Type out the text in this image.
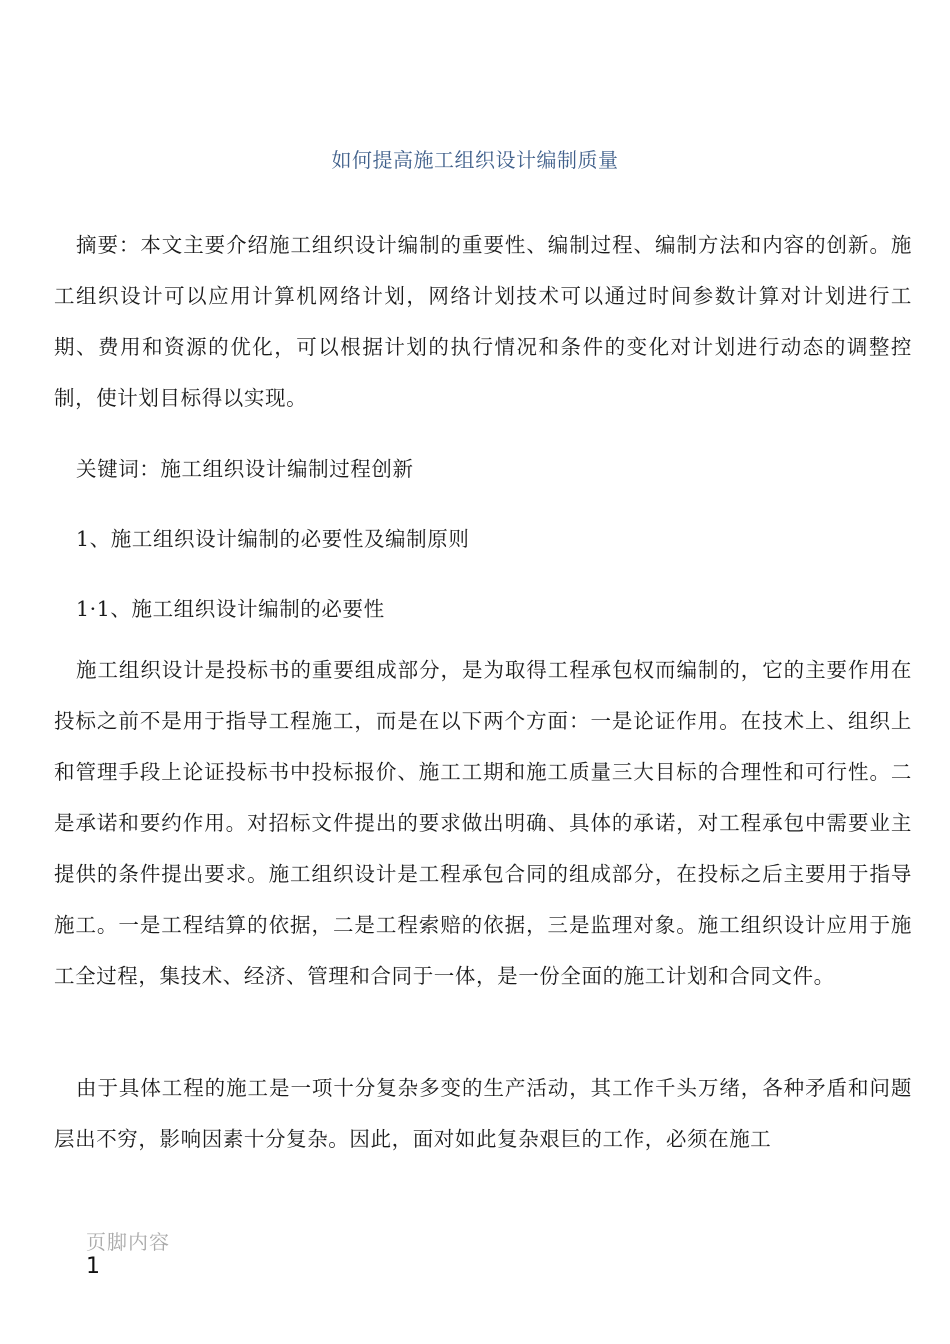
如何提高施工组织设计编制质量
摘要：本文主要介绍施工组织设计编制的重要性、编制过程、编制方法和内容的创新。施工组织设计可以应用计算机网络计划，网络计划技术可以通过时间参数计算对计划进行工期、费用和资源的优化，可以根据计划的执行情况和条件的变化对计划进行动态的调整控制，使计划目标得以实现。
关键词：施工组织设计编制过程创新
1、施工组织设计编制的必要性及编制原则
1·1、施工组织设计编制的必要性
施工组织设计是投标书的重要组成部分，是为取得工程承包权而编制的，它的主要作用在投标之前不是用于指导工程施工，而是在以下两个方面：一是论证作用。在技术上、组织上和管理手段上论证投标书中投标报价、施工工期和施工质量三大目标的合理性和可行性。二是承诺和要约作用。对招标文件提出的要求做出明确、具体的承诺，对工程承包中需要业主提供的条件提出要求。施工组织设计是工程承包合同的组成部分，在投标之后主要用于指导施工。一是工程结算的依据，二是工程索赔的依据，三是监理对象。施工组织设计应用于施工全过程，集技术、经济、管理和合同于一体，是一份全面的施工计划和合同文件。
由于具体工程的施工是一项十分复杂多变的生产活动，其工作千头万绪，各种矛盾和问题层出不穷，影响因素十分复杂。因此，面对如此复杂艰巨的工作，必须在施工
页脚内容
1
